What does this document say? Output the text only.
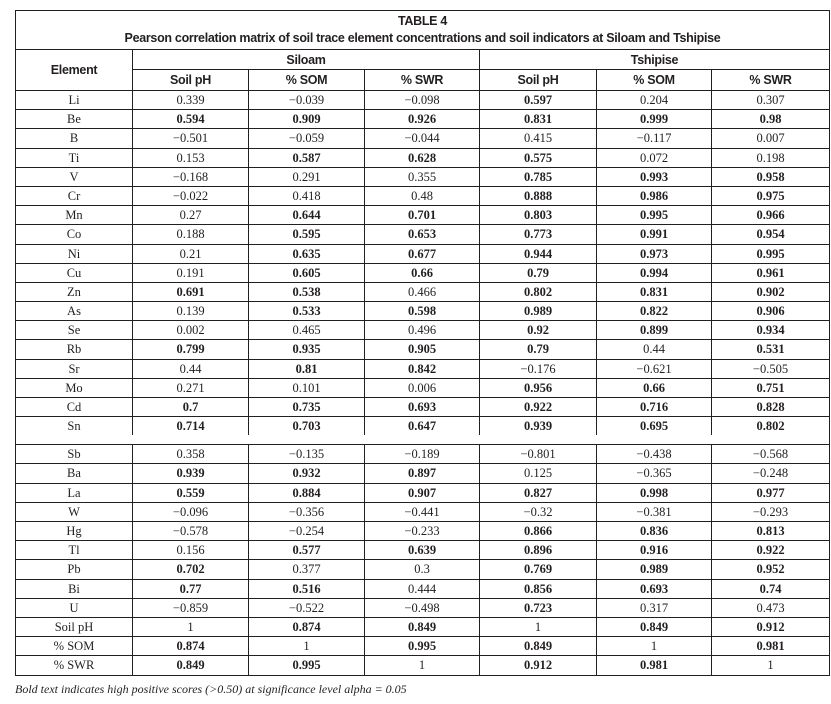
TABLE 4
Pearson correlation matrix of soil trace element concentrations and soil indicators at Siloam and Tshipise
Element
Siloam	Tshipise
Soil pH	% SOM	% SWR	Soil pH	% SOM	% SWR
Li	0.339	−0.039	−0.098	0.597	0.204	0.307
Be	0.594	0.909	0.926	0.831	0.999	0.98
B	−0.501	−0.059	−0.044	0.415	−0.117	0.007
Ti	0.153	0.587	0.628	0.575	0.072	0.198
V	−0.168	0.291	0.355	0.785	0.993	0.958
Cr	−0.022	0.418	0.48	0.888	0.986	0.975
Mn	0.27	0.644	0.701	0.803	0.995	0.966
Co	0.188	0.595	0.653	0.773	0.991	0.954
Ni	0.21	0.635	0.677	0.944	0.973	0.995
Cu	0.191	0.605	0.66	0.79	0.994	0.961
Zn	0.691	0.538	0.466	0.802	0.831	0.902
As	0.139	0.533	0.598	0.989	0.822	0.906
Se	0.002	0.465	0.496	0.92	0.899	0.934
Rb	0.799	0.935	0.905	0.79	0.44	0.531
Sr	0.44	0.81	0.842	−0.176	−0.621	−0.505
Mo	0.271	0.101	0.006	0.956	0.66	0.751
Cd	0.7	0.735	0.693	0.922	0.716	0.828
Sn	0.714	0.703	0.647	0.939	0.695	0.802
Sb	0.358	−0.135	−0.189	−0.801	−0.438	−0.568
Ba	0.939	0.932	0.897	0.125	−0.365	−0.248
La	0.559	0.884	0.907	0.827	0.998	0.977
W	−0.096	−0.356	−0.441	−0.32	−0.381	−0.293
Hg	−0.578	−0.254	−0.233	0.866	0.836	0.813
Tl	0.156	0.577	0.639	0.896	0.916	0.922
Pb	0.702	0.377	0.3	0.769	0.989	0.952
Bi	0.77	0.516	0.444	0.856	0.693	0.74
U	−0.859	−0.522	−0.498	0.723	0.317	0.473
Soil pH	1	0.874	0.849	1	0.849	0.912
% SOM	0.874	1	0.995	0.849	1	0.981
% SWR	0.849	0.995	1	0.912	0.981	1
Bold text indicates high positive scores (>0.50) at significance level alpha = 0.05
